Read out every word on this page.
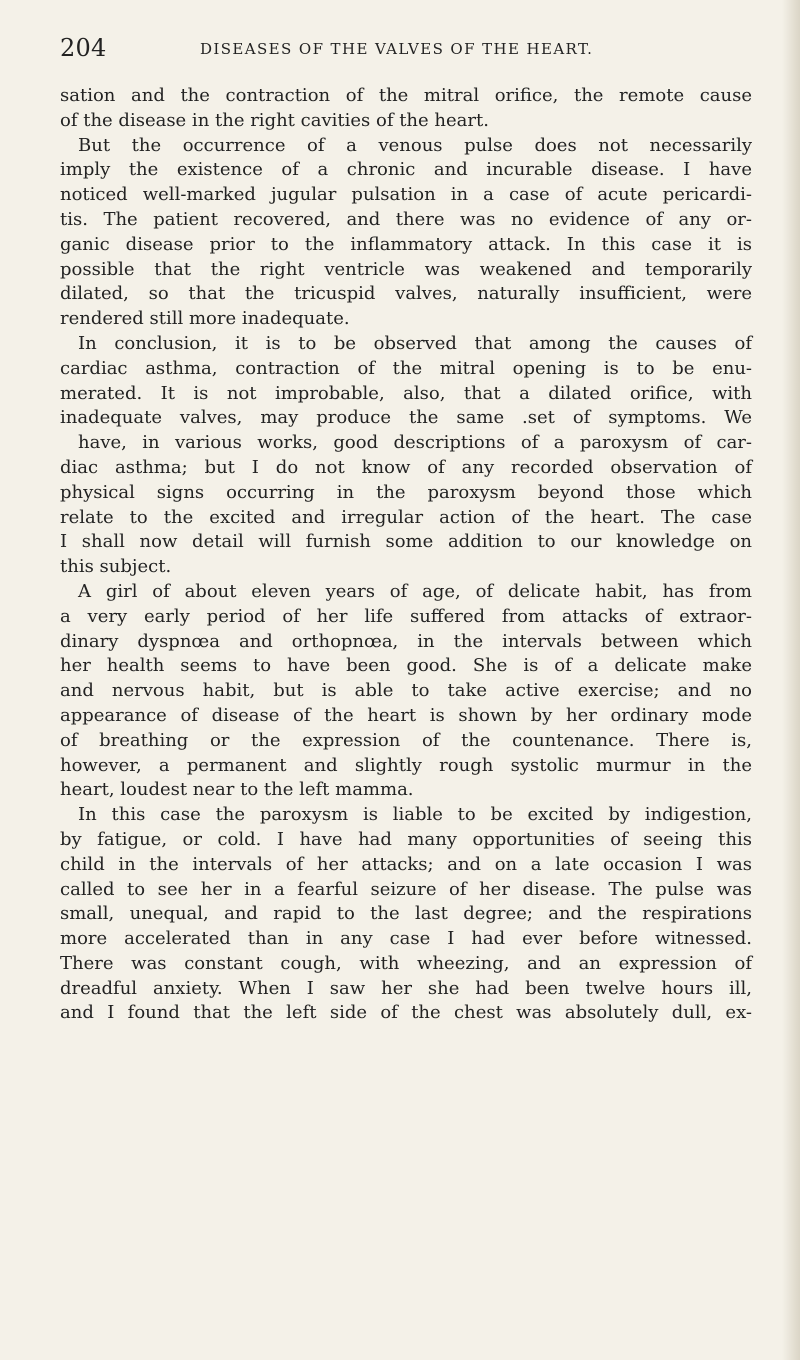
204	DISEASES OF THE VALVES OF THE HEART.
sation and the contraction of the mitral orifice, the remote cause
of the disease in the right cavities of the heart.
But the occurrence of a venous pulse does not necessarily
imply the existence of a chronic and incurable disease. I have
noticed well-marked jugular pulsation in a case of acute pericardi-
tis. The patient recovered, and there was no evidence of any or-
ganic disease prior to the inflammatory attack. In this case it is
possible that the right ventricle was weakened and temporarily
dilated, so that the tricuspid valves, naturally insufficient, were
rendered still more inadequate.
In conclusion, it is to be observed that among the causes of
cardiac asthma, contraction of the mitral opening is to be enu-
merated. It is not improbable, also, that a dilated orifice, with
inadequate valves, may produce the same .set of symptoms. We
have, in various works, good descriptions of a paroxysm of car-
diac asthma; but I do not know of any recorded observation of
physical signs occurring in the paroxysm beyond those which
relate to the excited and irregular action of the heart. The case
I shall now detail will furnish some addition to our knowledge on
this subject.
A girl of about eleven years of age, of delicate habit, has from
a very early period of her life suffered from attacks of extraor-
dinary dyspnœa and orthopnœa, in the intervals between which
her health seems to have been good. She is of a delicate make
and nervous habit, but is able to take active exercise; and no
appearance of disease of the heart is shown by her ordinary mode
of breathing or the expression of the countenance. There is,
however, a permanent and slightly rough systolic murmur in the
heart, loudest near to the left mamma.
In this case the paroxysm is liable to be excited by indigestion,
by fatigue, or cold. I have had many opportunities of seeing this
child in the intervals of her attacks; and on a late occasion I was
called to see her in a fearful seizure of her disease. The pulse was
small, unequal, and rapid to the last degree; and the respirations
more accelerated than in any case I had ever before witnessed.
There was constant cough, with wheezing, and an expression of
dreadful anxiety. When I saw her she had been twelve hours ill,
and I found that the left side of the chest was absolutely dull, ex-
